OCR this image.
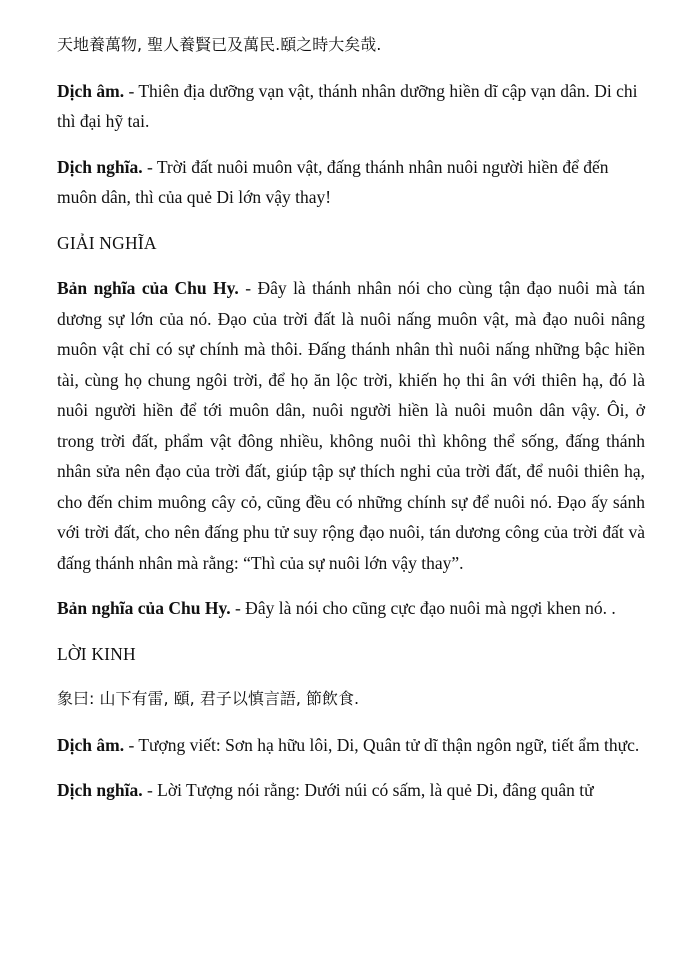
天地養萬物, 聖人養賢已及萬民.頤之時大矣哉.

Dịch âm. - Thiên địa dưỡng vạn vật, thánh nhân dưỡng hiền dĩ cập vạn dân. Di chi thì đại hỹ tai.

Dịch nghĩa. - Trời đất nuôi muôn vật, đấng thánh nhân nuôi người hiền để đến muôn dân, thì của quẻ Di lớn vậy thay!

GIẢI NGHĨA

Bản nghĩa của Chu Hy. - Đây là thánh nhân nói cho cùng tận đạo nuôi mà tán dương sự lớn của nó. Đạo của trời đất là nuôi nấng muôn vật, mà đạo nuôi nâng muôn vật chỉ có sự chính mà thôi. Đấng thánh nhân thì nuôi nấng những bậc hiền tài, cùng họ chung ngôi trời, để họ ăn lộc trời, khiến họ thi ân với thiên hạ, đó là nuôi người hiền để tới muôn dân, nuôi người hiền là nuôi muôn dân vậy. Ôi, ở trong trời đất, phẩm vật đông nhiều, không nuôi thì không thể sống, đấng thánh nhân sửa nên đạo của trời đất, giúp tập sự thích nghi của trời đất, để nuôi thiên hạ, cho đến chim muông cây cỏ, cũng đều có những chính sự để nuôi nó. Đạo ấy sánh với trời đất, cho nên đấng phu tử suy rộng đạo nuôi, tán dương công của trời đất và đấng thánh nhân mà rằng: “Thì của sự nuôi lớn vậy thay”.

Bản nghĩa của Chu Hy. - Đây là nói cho cũng cực đạo nuôi mà ngợi khen nó. .

LỜI KINH

象曰: 山下有雷, 頤, 君子以慎言語, 節飲食.

Dịch âm. - Tượng viết: Sơn hạ hữu lôi, Di, Quân tử dĩ thận ngôn ngữ, tiết ẩm thực.

Dịch nghĩa. - Lời Tượng nói rằng: Dưới núi có sấm, là quẻ Di, đâng quân tử
